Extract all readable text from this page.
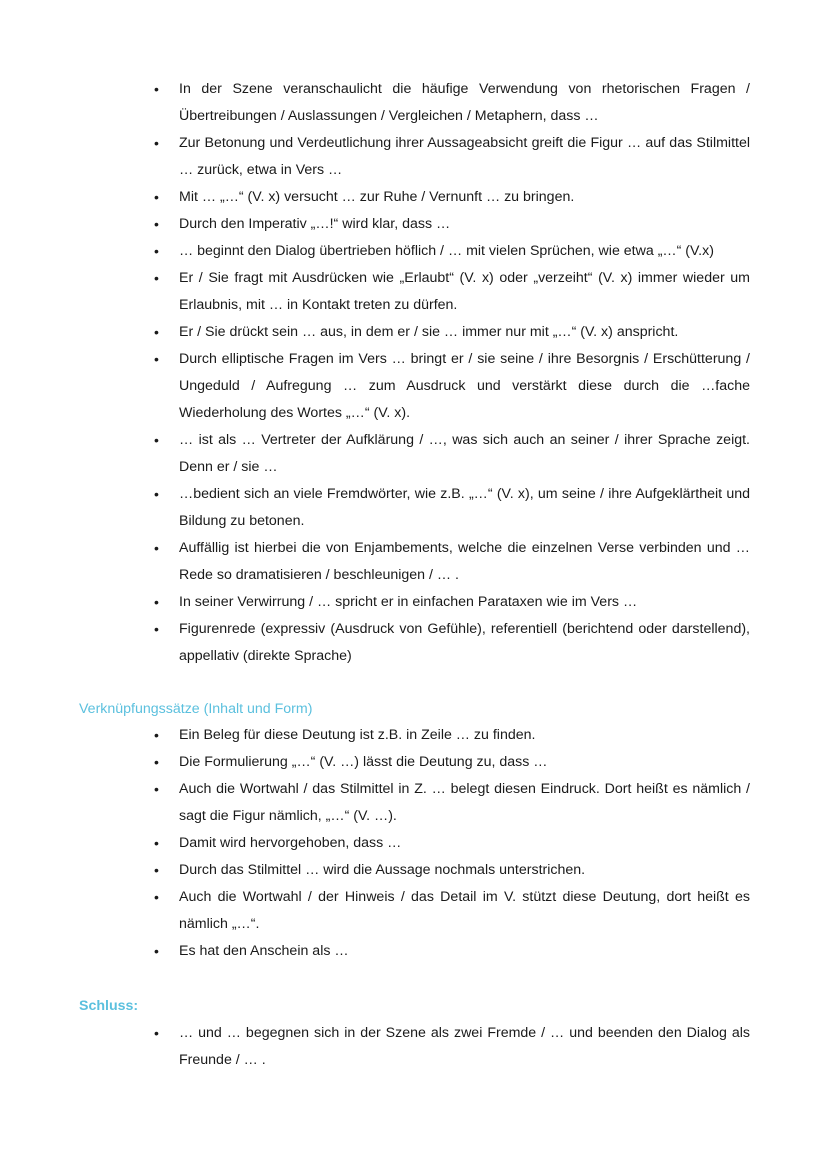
• In der Szene veranschaulicht die häufige Verwendung von rhetorischen Fragen / Übertreibungen / Auslassungen / Vergleichen / Metaphern, dass …
• Zur Betonung und Verdeutlichung ihrer Aussageabsicht greift die Figur … auf das Stilmittel … zurück, etwa in Vers …
• Mit … „…“ (V. x) versucht … zur Ruhe / Vernunft … zu bringen.
• Durch den Imperativ „…!“ wird klar, dass …
• … beginnt den Dialog übertrieben höflich / … mit vielen Sprüchen, wie etwa „…“ (V.x)
• Er / Sie fragt mit Ausdrücken wie „Erlaubt“ (V. x) oder „verzeiht“ (V. x) immer wieder um Erlaubnis, mit … in Kontakt treten zu dürfen.
• Er / Sie drückt sein … aus, in dem er / sie … immer nur mit „…“ (V. x) anspricht.
• Durch elliptische Fragen im Vers … bringt er / sie seine / ihre Besorgnis / Erschütterung / Ungeduld / Aufregung … zum Ausdruck und verstärkt diese durch die …fache Wiederholung des Wortes „…“ (V. x).
• … ist als … Vertreter der Aufklärung / …, was sich auch an seiner / ihrer Sprache zeigt. Denn er / sie …
• …bedient sich an viele Fremdwörter, wie z.B. „…“ (V. x), um seine / ihre Aufgeklärtheit und Bildung zu betonen.
• Auffällig ist hierbei die von Enjambements, welche die einzelnen Verse verbinden und … Rede so dramatisieren / beschleunigen / … .
• In seiner Verwirrung / … spricht er in einfachen Parataxen wie im Vers …
• Figurenrede (expressiv (Ausdruck von Gefühle), referentiell (berichtend oder darstellend), appellativ (direkte Sprache)
Verknüpfungssätze (Inhalt und Form)
• Ein Beleg für diese Deutung ist z.B. in Zeile … zu finden.
• Die Formulierung „…“ (V. …) lässt die Deutung zu, dass …
• Auch die Wortwahl / das Stilmittel in Z. … belegt diesen Eindruck. Dort heißt es nämlich / sagt die Figur nämlich, „…“ (V. …).
• Damit wird hervorgehoben, dass …
• Durch das Stilmittel … wird die Aussage nochmals unterstrichen.
• Auch die Wortwahl / der Hinweis / das Detail im V. stützt diese Deutung, dort heißt es nämlich „…“.
• Es hat den Anschein als …
Schluss:
• … und … begegnen sich in der Szene als zwei Fremde / … und beenden den Dialog als Freunde / … .
